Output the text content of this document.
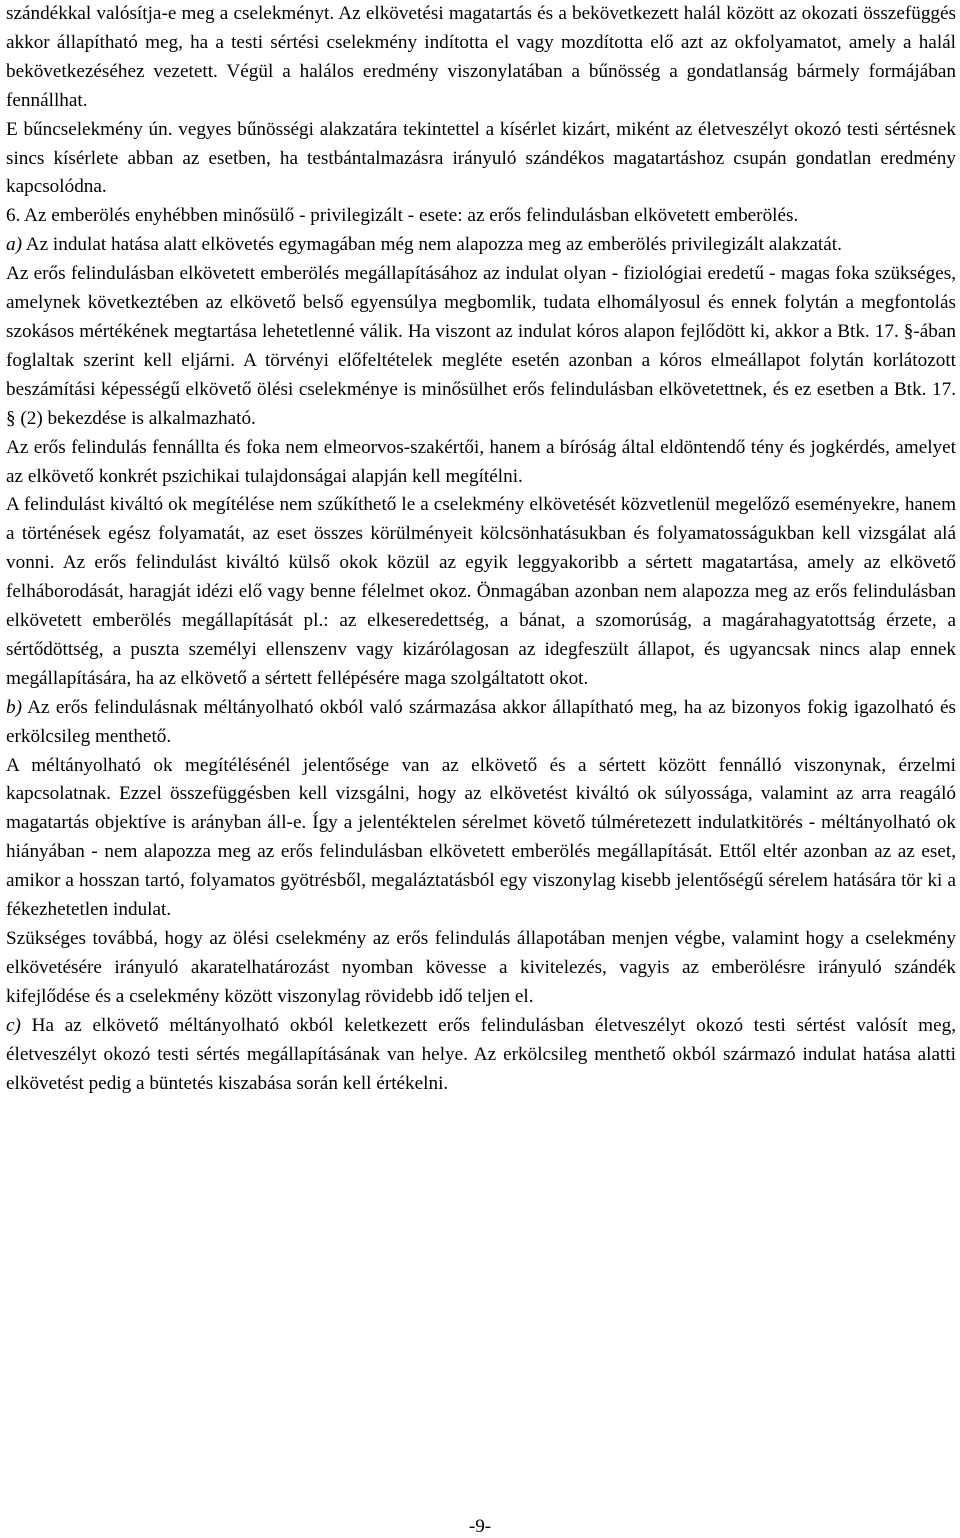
szándékkal valósítja-e meg a cselekményt. Az elkövetési magatartás és a bekövetkezett halál között az okozati összefüggés akkor állapítható meg, ha a testi sértési cselekmény indította el vagy mozdította elő azt az okfolyamatot, amely a halál bekövetkezéséhez vezetett. Végül a halálos eredmény viszonylatában a bűnösség a gondatlanság bármely formájában fennállhat.

E bűncselekmény ún. vegyes bűnösségi alakzatára tekintettel a kísérlet kizárt, miként az életveszélyt okozó testi sértésnek sincs kísérlete abban az esetben, ha testbántalmazásra irányuló szándékos magatartáshoz csupán gondatlan eredmény kapcsolódna.

6. Az emberölés enyhébben minősülő - privilegizált - esete: az erős felindulásban elkövetett emberölés.

a) Az indulat hatása alatt elkövetés egymagában még nem alapozza meg az emberölés privilegizált alakzatát.

Az erős felindulásban elkövetett emberölés megállapításához az indulat olyan - fiziológiai eredetű - magas foka szükséges, amelynek következtében az elkövető belső egyensúlya megbomlik, tudata elhomályosul és ennek folytán a megfontolás szokásos mértékének megtartása lehetetlenné válik. Ha viszont az indulat kóros alapon fejlődött ki, akkor a Btk. 17. §-ában foglaltak szerint kell eljárni. A törvényi előfeltételek megléte esetén azonban a kóros elmeállapot folytán korlátozott beszámítási képességű elkövető ölési cselekménye is minősülhet erős felindulásban elkövetettnek, és ez esetben a Btk. 17. § (2) bekezdése is alkalmazható.

Az erős felindulás fennállta és foka nem elmeorvos-szakértői, hanem a bíróság által eldöntendő tény és jogkérdés, amelyet az elkövető konkrét pszichikai tulajdonságai alapján kell megítélni.

A felindulást kiváltó ok megítélése nem szűkíthető le a cselekmény elkövetését közvetlenül megelőző eseményekre, hanem a történések egész folyamatát, az eset összes körülményeit kölcsönhatásukban és folyamatosságukban kell vizsgálat alá vonni. Az erős felindulást kiváltó külső okok közül az egyik leggyakoribb a sértett magatartása, amely az elkövető felháborodását, haragját idézi elő vagy benne félelmet okoz. Önmagában azonban nem alapozza meg az erős felindulásban elkövetett emberölés megállapítását pl.: az elkeseredettség, a bánat, a szomorúság, a magárahagyatottság érzete, a sértődöttség, a puszta személyi ellenszenv vagy kizárólagosan az idegfeszült állapot, és ugyancsak nincs alap ennek megállapítására, ha az elkövető a sértett fellépésére maga szolgáltatott okot.

b) Az erős felindulásnak méltányolható okból való származása akkor állapítható meg, ha az bizonyos fokig igazolható és erkölcsileg menthető.

A méltányolható ok megítélésénél jelentősége van az elkövető és a sértett között fennálló viszonynak, érzelmi kapcsolatnak. Ezzel összefüggésben kell vizsgálni, hogy az elkövetést kiváltó ok súlyossága, valamint az arra reagáló magatartás objektíve is arányban áll-e. Így a jelentéktelen sérelmet követő túlméretezett indulatkitörés - méltányolható ok hiányában - nem alapozza meg az erős felindulásban elkövetett emberölés megállapítását. Ettől eltér azonban az az eset, amikor a hosszan tartó, folyamatos gyötrésből, megaláztatásból egy viszonylag kisebb jelentőségű sérelem hatására tör ki a fékezhetetlen indulat.

Szükséges továbbá, hogy az ölési cselekmény az erős felindulás állapotában menjen végbe, valamint hogy a cselekmény elkövetésére irányuló akaratelhatározást nyomban kövesse a kivitelezés, vagyis az emberölésre irányuló szándék kifejlődése és a cselekmény között viszonylag rövidebb idő teljen el.

c) Ha az elkövető méltányolható okból keletkezett erős felindulásban életveszélyt okozó testi sértést valósít meg, életveszélyt okozó testi sértés megállapításának van helye. Az erkölcsileg menthető okból származó indulat hatása alatti elkövetést pedig a büntetés kiszabása során kell értékelni.

-9-
